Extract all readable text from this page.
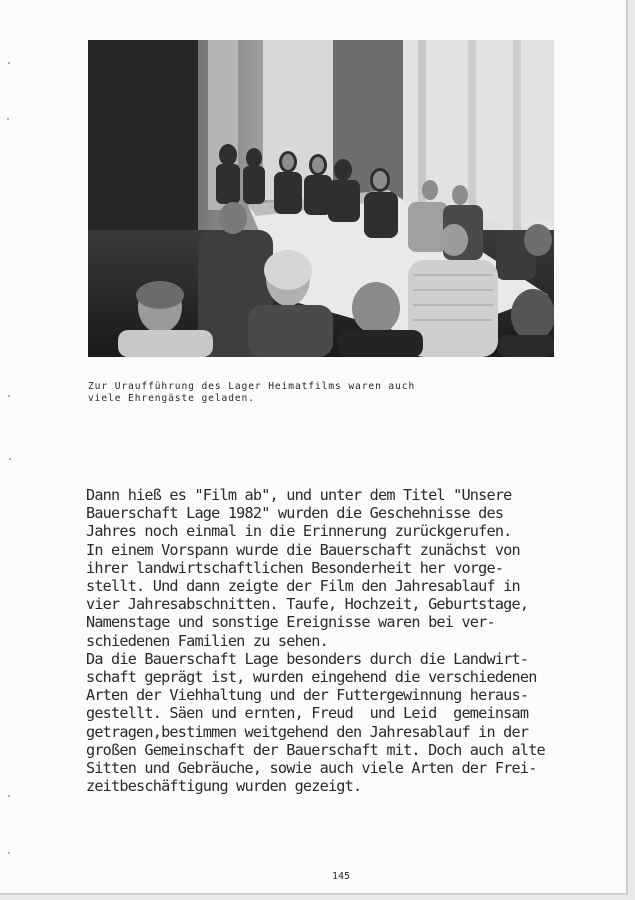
Zur Uraufführung des Lager Heimatfilms waren auch
viele Ehrengäste geladen.
Dann hieß es "Film ab", und unter dem Titel "Unsere
Bauerschaft Lage 1982" wurden die Geschehnisse des
Jahres noch einmal in die Erinnerung zurückgerufen.
In einem Vorspann wurde die Bauerschaft zunächst von
ihrer landwirtschaftlichen Besonderheit her vorge-
stellt. Und dann zeigte der Film den Jahresablauf in
vier Jahresabschnitten. Taufe, Hochzeit, Geburtstage,
Namenstage und sonstige Ereignisse waren bei ver-
schiedenen Familien zu sehen.
Da die Bauerschaft Lage besonders durch die Landwirt-
schaft geprägt ist, wurden eingehend die verschiedenen
Arten der Viehhaltung und der Futtergewinnung heraus-
gestellt. Säen und ernten, Freud  und Leid  gemeinsam
getragen,bestimmen weitgehend den Jahresablauf in der
großen Gemeinschaft der Bauerschaft mit. Doch auch alte
Sitten und Gebräuche, sowie auch viele Arten der Frei-
zeitbeschäftigung wurden gezeigt.
145
